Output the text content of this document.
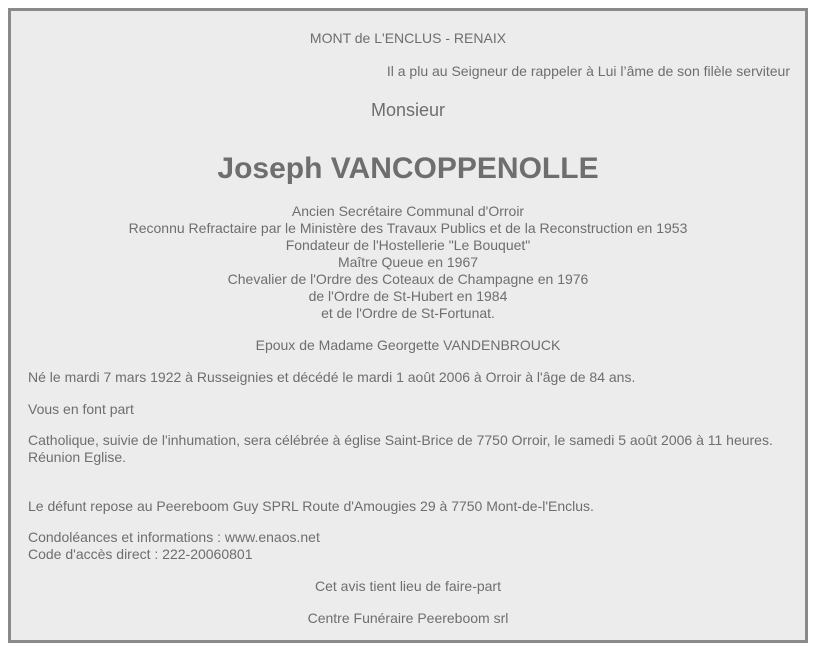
MONT de L'ENCLUS - RENAIX
Il a plu au Seigneur de rappeler à Lui l’âme de son filèle serviteur
Monsieur
Joseph VANCOPPENOLLE
Ancien Secrétaire Communal d'Orroir
Reconnu Refractaire par le Ministère des Travaux Publics et de la Reconstruction en 1953
Fondateur de l'Hostellerie "Le Bouquet"
Maître Queue en 1967
Chevalier de l'Ordre des Coteaux de Champagne en 1976
de l'Ordre de St-Hubert en 1984
et de l'Ordre de St-Fortunat.
Epoux de Madame Georgette VANDENBROUCK
Né le mardi 7 mars 1922 à Russeignies et décédé le mardi 1 août 2006 à Orroir à l'âge de 84 ans.
Vous en font part
Catholique, suivie de l'inhumation, sera célébrée à église Saint-Brice de 7750 Orroir, le samedi 5 août 2006 à 11 heures.
Réunion Eglise.
Le défunt repose au Peereboom Guy SPRL Route d'Amougies 29 à 7750 Mont-de-l'Enclus.
Condoléances et informations : www.enaos.net
Code d'accès direct : 222-20060801
Cet avis tient lieu de faire-part
Centre Funéraire Peereboom srl
